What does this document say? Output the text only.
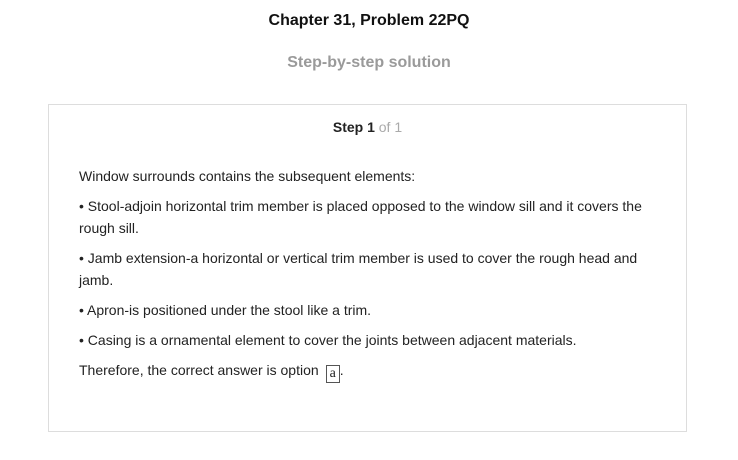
Chapter 31, Problem 22PQ
Step-by-step solution
Step 1 of 1

Window surrounds contains the subsequent elements:

• Stool-adjoin horizontal trim member is placed opposed to the window sill and it covers the rough sill.

• Jamb extension-a horizontal or vertical trim member is used to cover the rough head and jamb.

• Apron-is positioned under the stool like a trim.

• Casing is a ornamental element to cover the joints between adjacent materials.

Therefore, the correct answer is option a .
